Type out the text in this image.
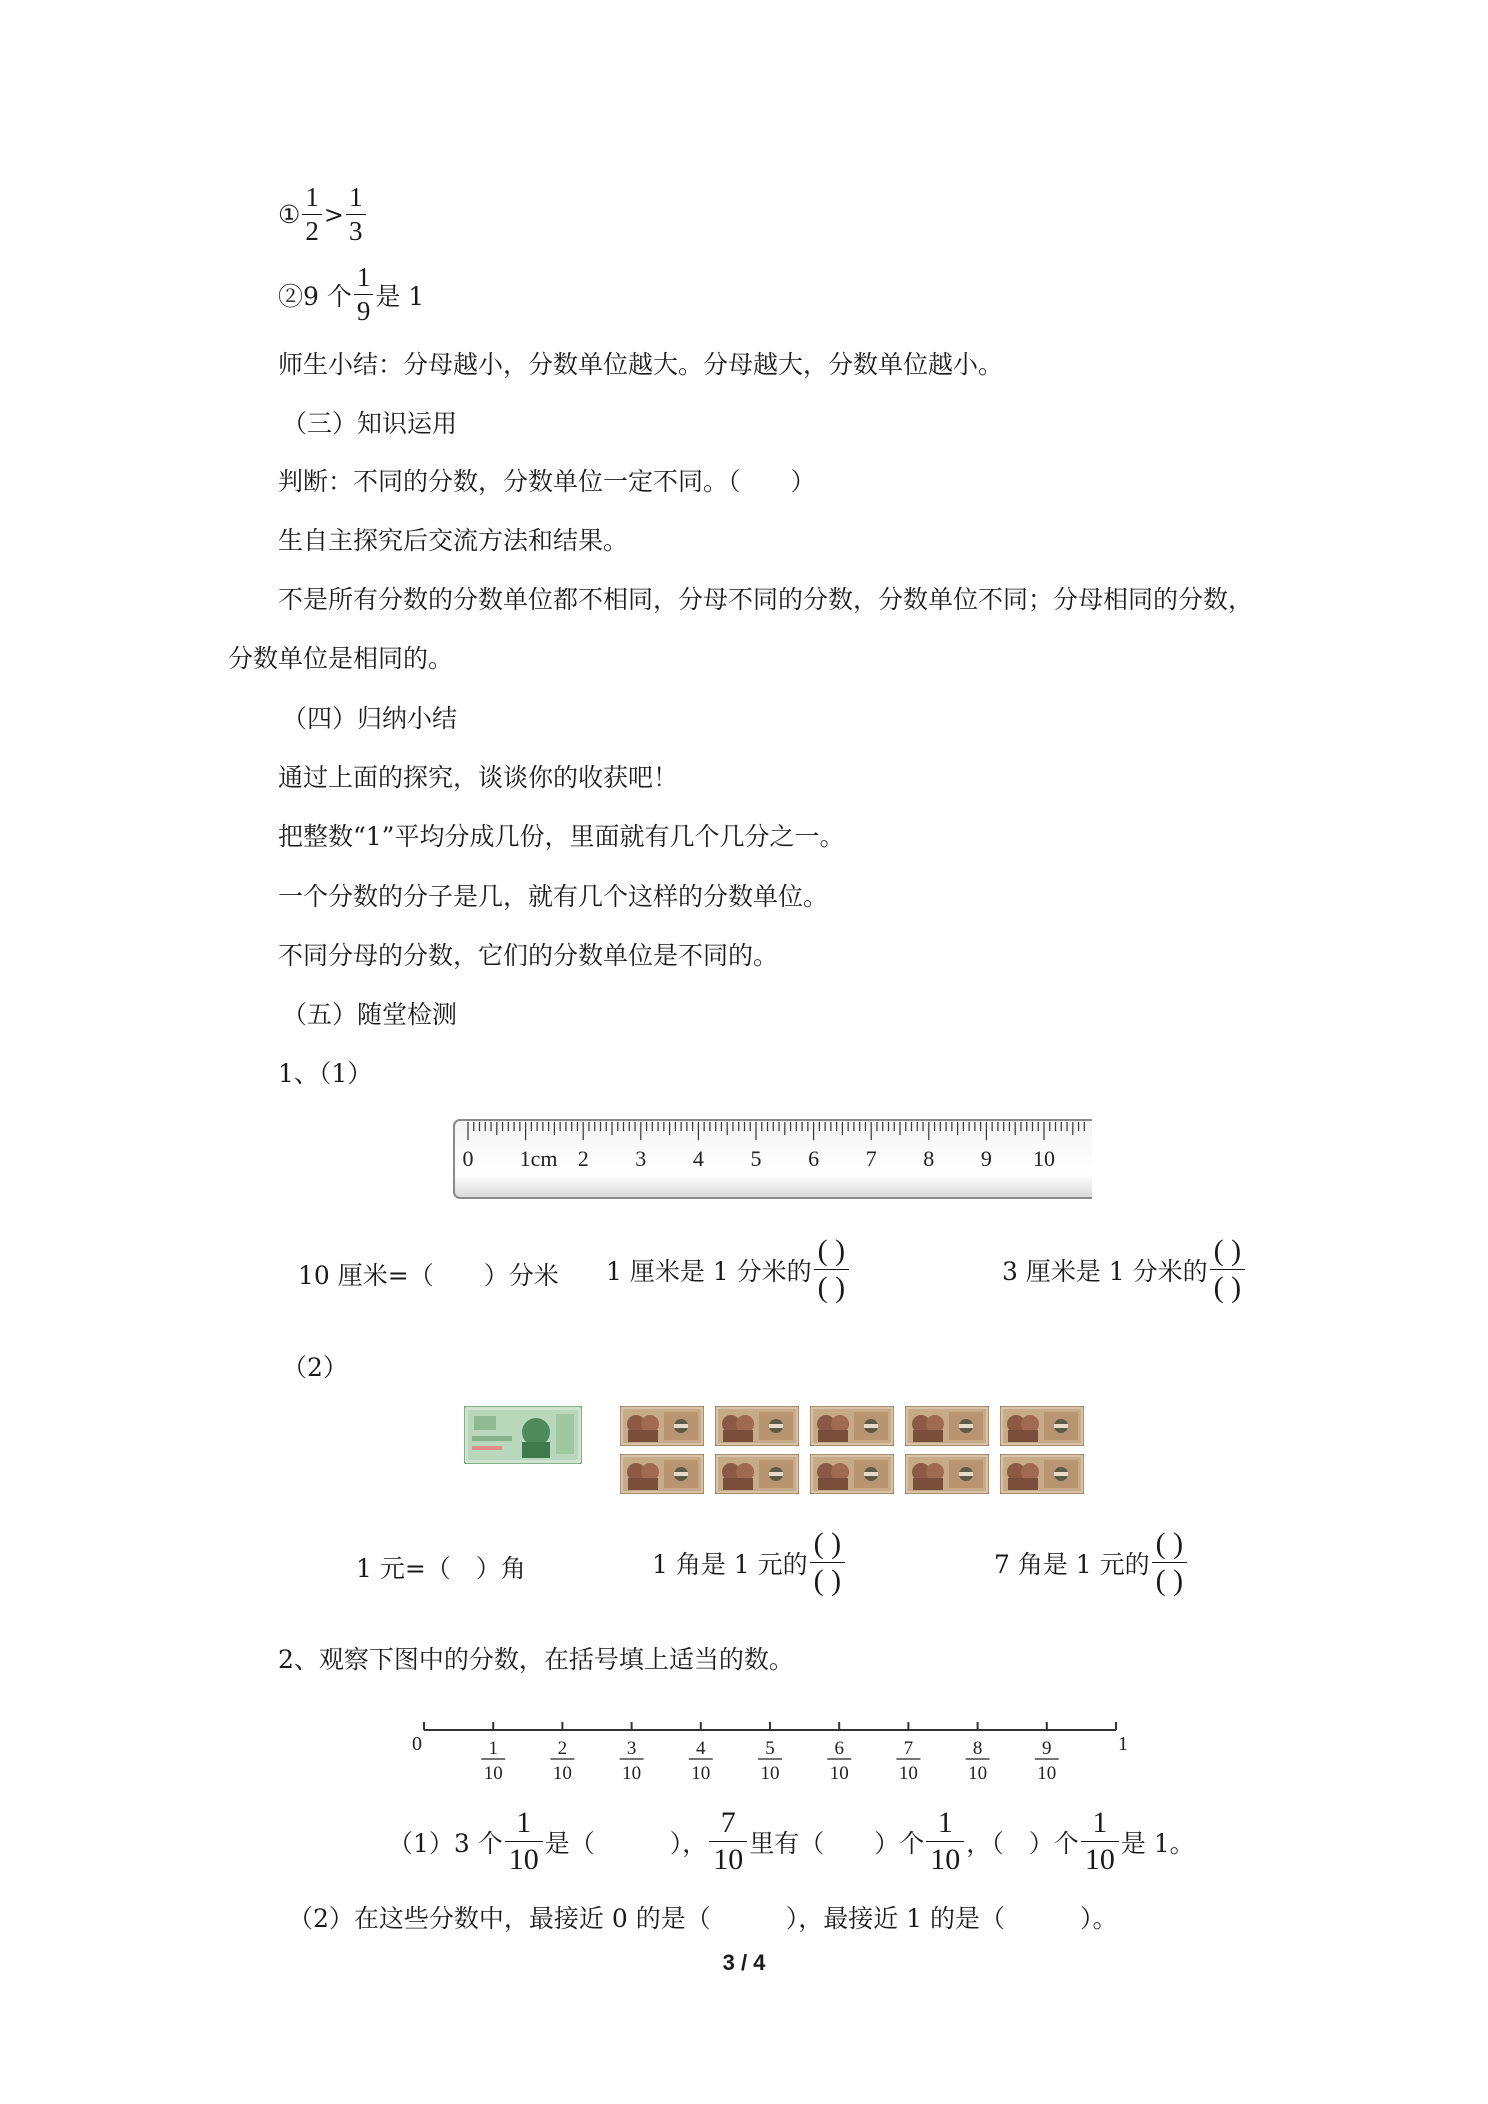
① $\frac{1}{2} > \frac{1}{3}$
②9 个 $\frac{1}{9}$ 是 1
师生小结：分母越小，分数单位越大。分母越大，分数单位越小。
（三）知识运用
判断：不同的分数，分数单位一定不同。（　　）
生自主探究后交流方法和结果。
不是所有分数的分数单位都不相同，分母不同的分数，分数单位不同；分母相同的分数，
分数单位是相同的。
（四）归纳小结
通过上面的探究，谈谈你的收获吧！
把整数“1”平均分成几份，里面就有几个几分之一。
一个分数的分子是几，就有几个这样的分数单位。
不同分母的分数，它们的分数单位是不同的。
（五）随堂检测
1、（1）
0 1cm 2 3 4 5 6 7 8 9 10
10 厘米=（　　）分米 1 厘米是 1 分米的 $\frac{( )}{( )}$	3 厘米是 1 分米的 $\frac{( )}{( )}$
（2）
1 元=（　）角	1 角是 1 元的 $\frac{( )}{( )}$	7 角是 1 元的 $\frac{( )}{( )}$
2、观察下图中的分数，在括号填上适当的数。
0	1
1
10
2
10
3
10
4
10
5
10
6
10
7
10
8
10
9
10
（1）3 个 $\frac{1}{10}$ 是（　　　）， $\frac{7}{10}$ 里有（　　）个 $\frac{1}{10}$ ，（　）个 $\frac{1}{10}$ 是 1。
（2）在这些分数中，最接近 0 的是（　　　），最接近 1 的是（　　　）。
3 / 4
